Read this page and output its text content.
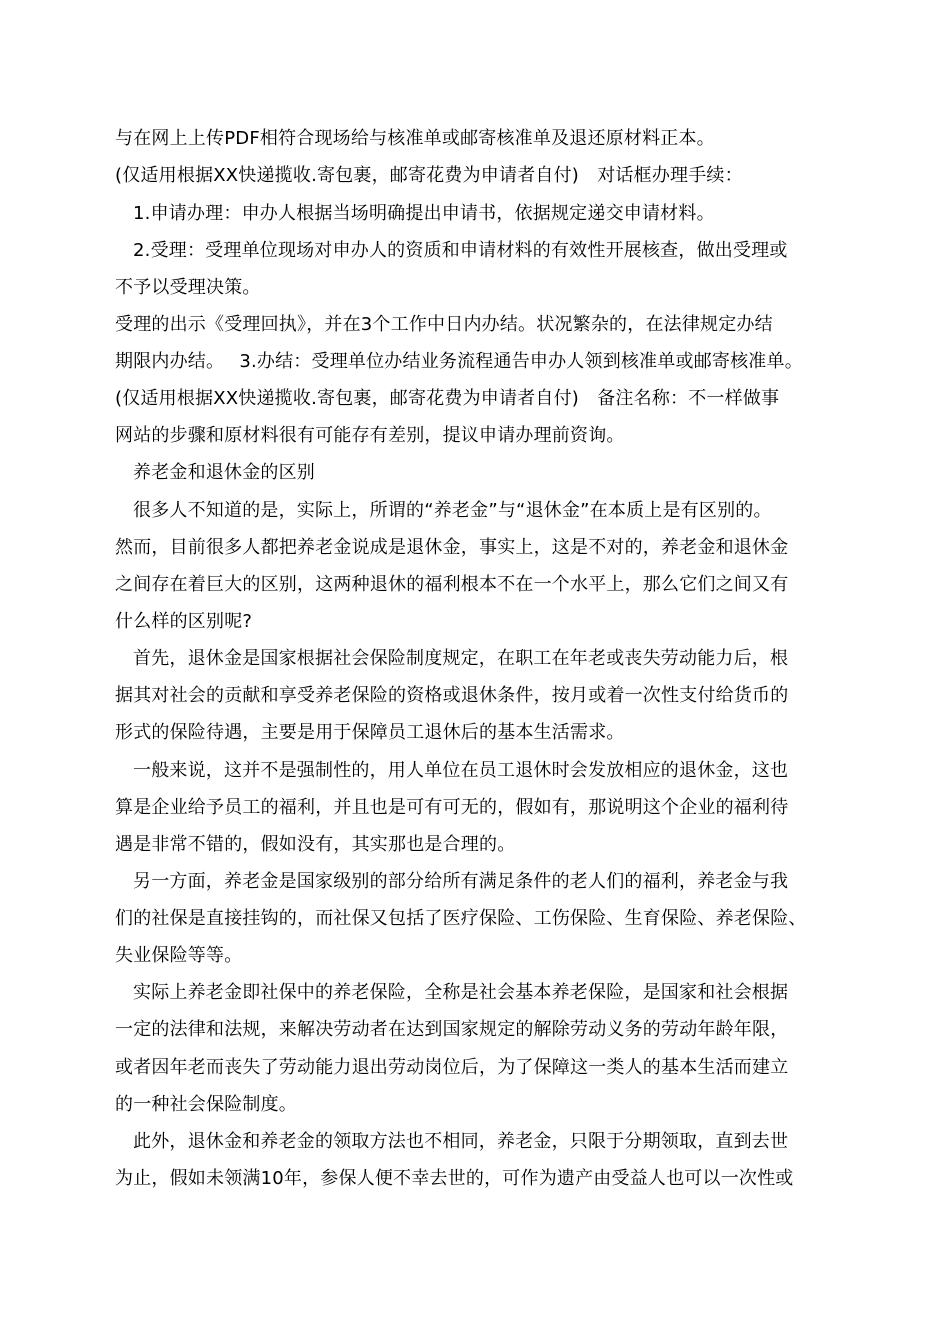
与在网上上传PDF相符合现场给与核准单或邮寄核准单及退还原材料正本。
(仅适用根据XX快递揽收.寄包裹，邮寄花费为申请者自付)　对话框办理手续：
1.申请办理：申办人根据当场明确提出申请书，依据规定递交申请材料。
2.受理：受理单位现场对申办人的资质和申请材料的有效性开展核查，做出受理或
不予以受理决策。
受理的出示《受理回执》，并在3个工作中日内办结。状况繁杂的，在法律规定办结
期限内办结。　 3.办结：受理单位办结业务流程通告申办人领到核准单或邮寄核准单。
(仅适用根据XX快递揽收.寄包裹，邮寄花费为申请者自付)　备注名称：不一样做事
网站的步骤和原材料很有可能存有差别，提议申请办理前资询。
养老金和退休金的区别
很多人不知道的是，实际上，所谓的“养老金”与“退休金”在本质上是有区别的。
然而，目前很多人都把养老金说成是退休金，事实上，这是不对的，养老金和退休金
之间存在着巨大的区别，这两种退休的福利根本不在一个水平上，那么它们之间又有
什么样的区别呢?
首先，退休金是国家根据社会保险制度规定，在职工在年老或丧失劳动能力后，根
据其对社会的贡献和享受养老保险的资格或退休条件，按月或着一次性支付给货币的
形式的保险待遇，主要是用于保障员工退休后的基本生活需求。
一般来说，这并不是强制性的，用人单位在员工退休时会发放相应的退休金，这也
算是企业给予员工的福利，并且也是可有可无的，假如有，那说明这个企业的福利待
遇是非常不错的，假如没有，其实那也是合理的。
另一方面，养老金是国家级别的部分给所有满足条件的老人们的福利，养老金与我
们的社保是直接挂钩的，而社保又包括了医疗保险、工伤保险、生育保险、养老保险、
失业保险等等。
实际上养老金即社保中的养老保险，全称是社会基本养老保险，是国家和社会根据
一定的法律和法规，来解决劳动者在达到国家规定的解除劳动义务的劳动年龄年限，
或者因年老而丧失了劳动能力退出劳动岗位后，为了保障这一类人的基本生活而建立
的一种社会保险制度。
此外，退休金和养老金的领取方法也不相同，养老金，只限于分期领取，直到去世
为止，假如未领满10年，参保人便不幸去世的，可作为遗产由受益人也可以一次性或
